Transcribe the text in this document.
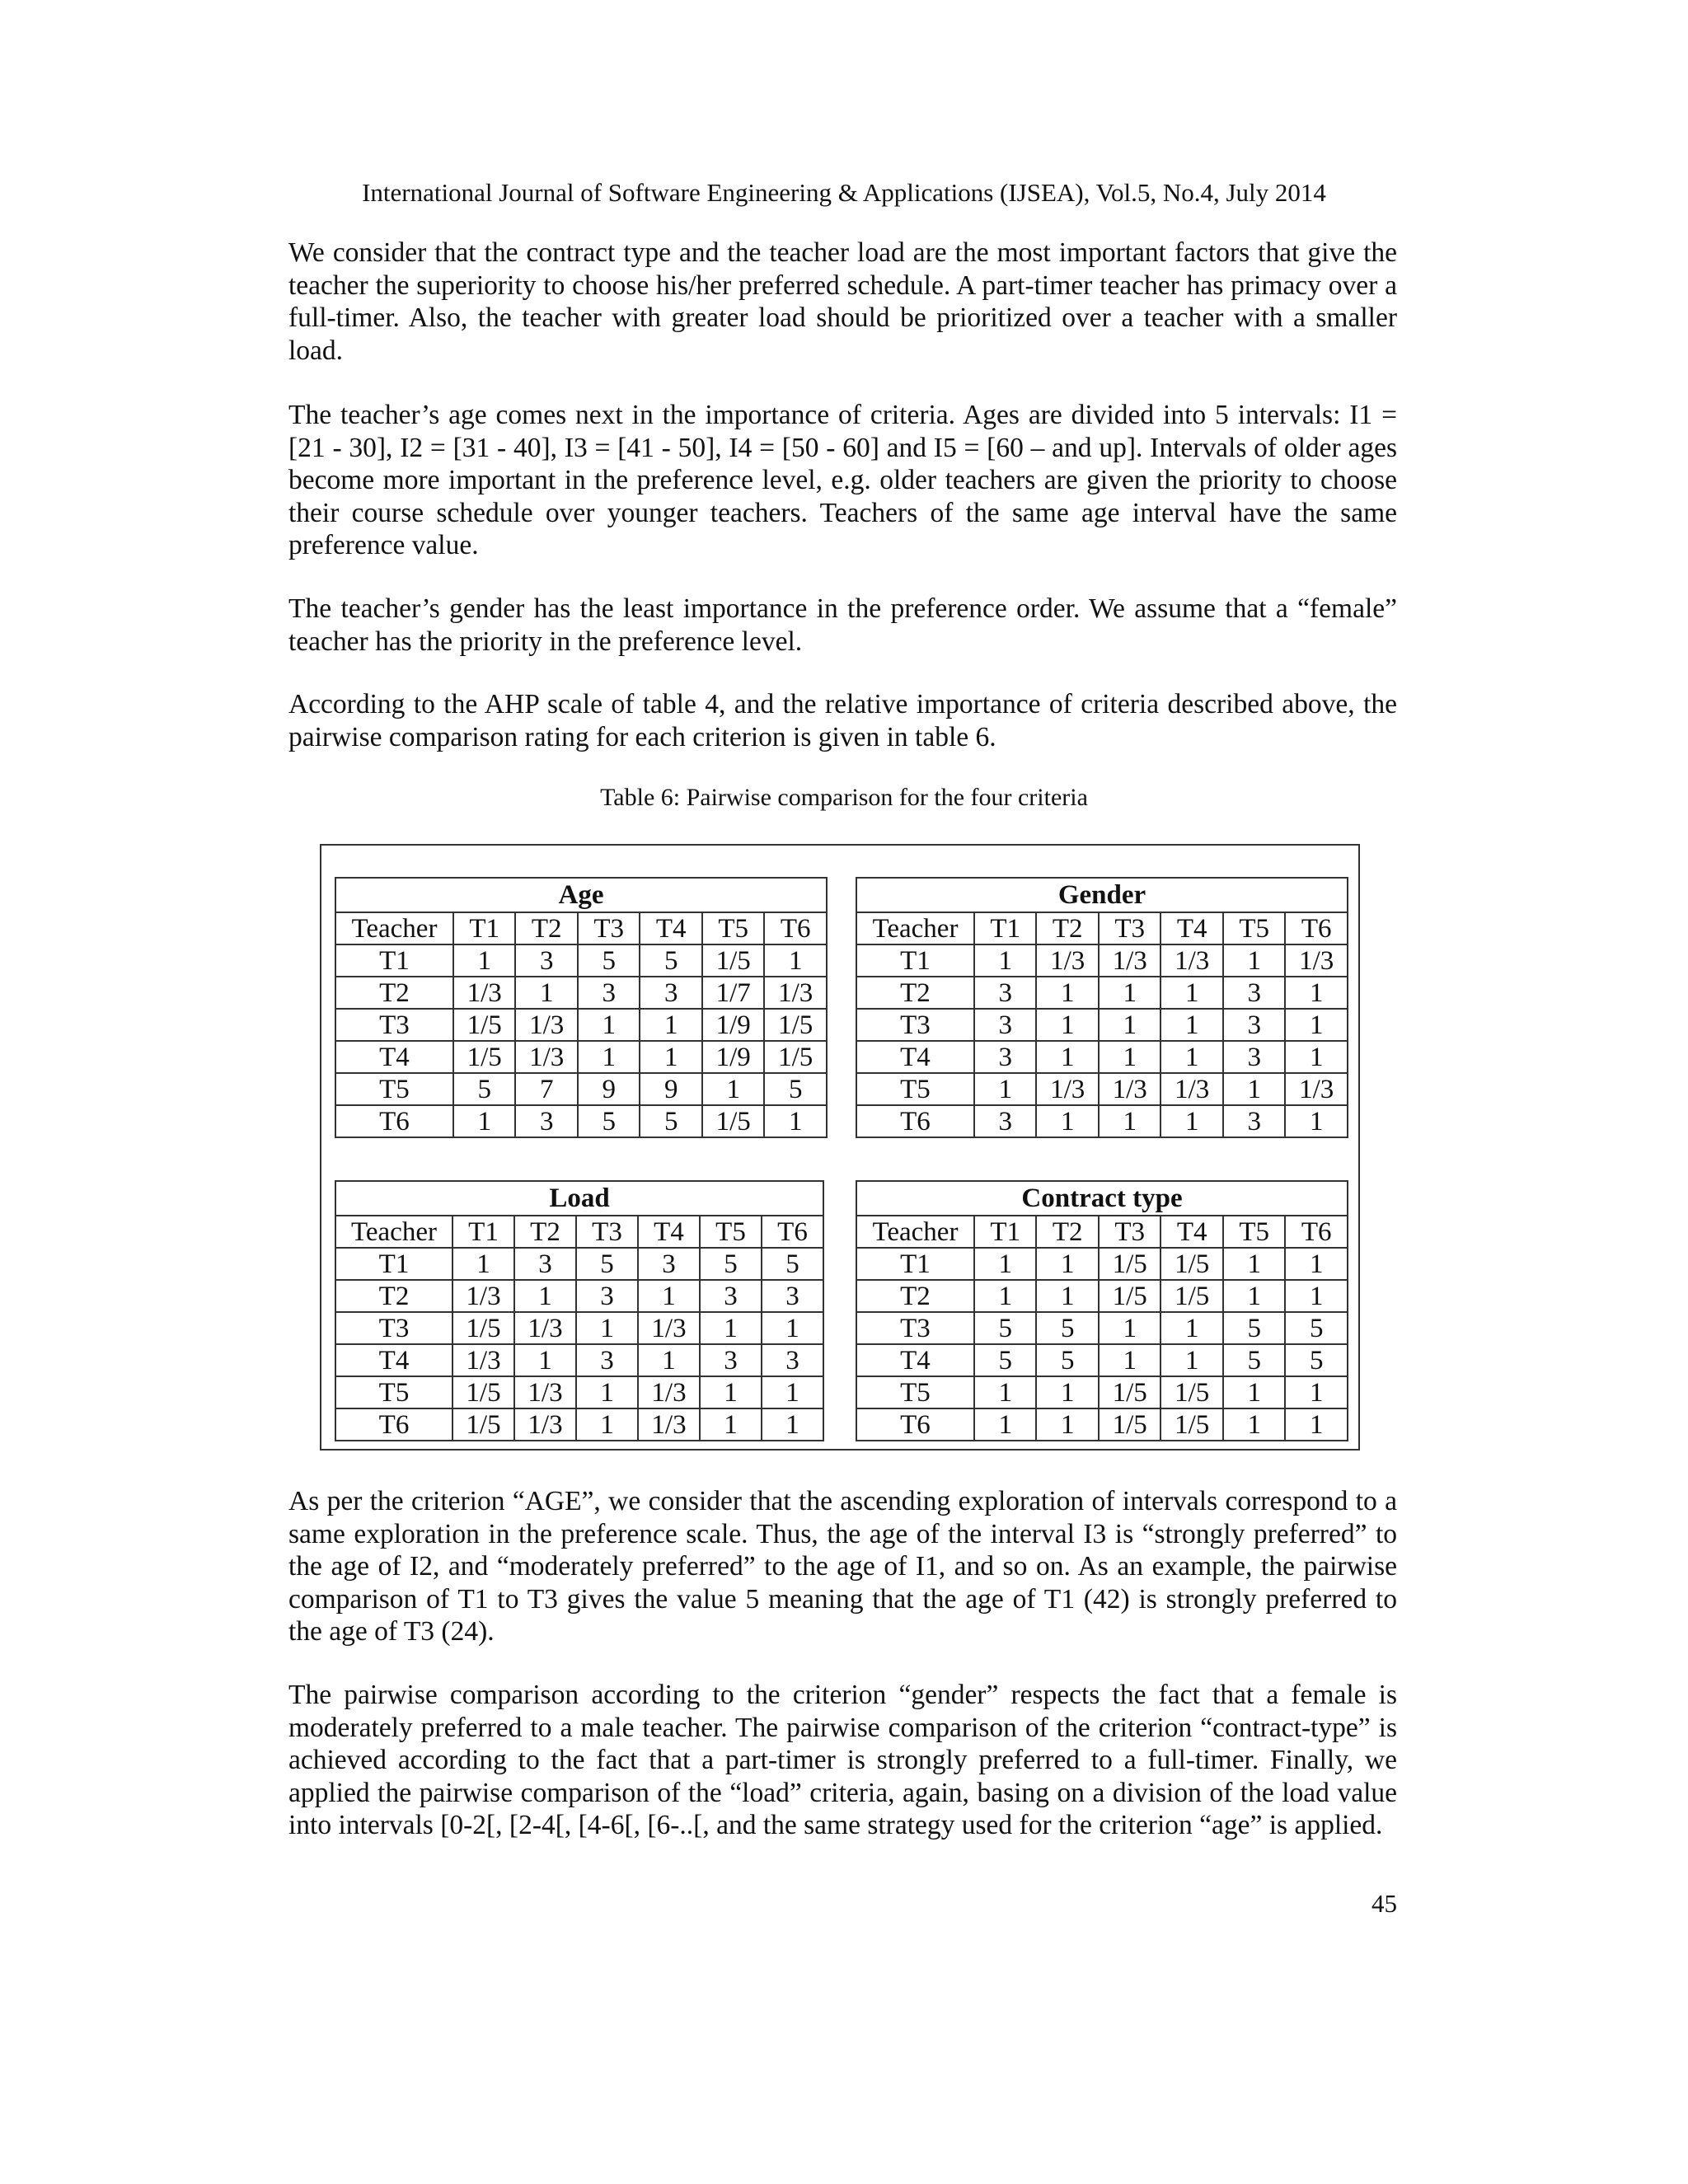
International Journal of Software Engineering & Applications (IJSEA), Vol.5, No.4, July 2014

We consider that the contract type and the teacher load are the most important factors that give the teacher the superiority to choose his/her preferred schedule. A part-timer teacher has primacy over a full-timer. Also, the teacher with greater load should be prioritized over a teacher with a smaller load.

The teacher’s age comes next in the importance of criteria. Ages are divided into 5 intervals: I1 = [21 - 30], I2 = [31 - 40], I3 = [41 - 50], I4 = [50 - 60] and I5 = [60 – and up]. Intervals of older ages become more important in the preference level, e.g. older teachers are given the priority to choose their course schedule over younger teachers. Teachers of the same age interval have the same preference value.

The teacher’s gender has the least importance in the preference order. We assume that a “female” teacher has the priority in the preference level.

According to the AHP scale of table 4, and the relative importance of criteria described above, the pairwise comparison rating for each criterion is given in table 6.

Table 6: Pairwise comparison for the four criteria
Age						
Teacher	T1	T2	T3	T4	T5	T6
T1	1	3	5	5	1/5	1
T2	1/3	1	3	3	1/7	1/3
T3	1/5	1/3	1	1	1/9	1/5
T4	1/5	1/3	1	1	1/9	1/5
T5	5	7	9	9	1	5
T6	1	3	5	5	1/5	1
Gender						
Teacher	T1	T2	T3	T4	T5	T6
T1	1	1/3	1/3	1/3	1	1/3
T2	3	1	1	1	3	1
T3	3	1	1	1	3	1
T4	3	1	1	1	3	1
T5	1	1/3	1/3	1/3	1	1/3
T6	3	1	1	1	3	1
Load						
Teacher	T1	T2	T3	T4	T5	T6
T1	1	3	5	3	5	5
T2	1/3	1	3	1	3	3
T3	1/5	1/3	1	1/3	1	1
T4	1/3	1	3	1	3	3
T5	1/5	1/3	1	1/3	1	1
T6	1/5	1/3	1	1/3	1	1
Contract type						
Teacher	T1	T2	T3	T4	T5	T6
T1	1	1	1/5	1/5	1	1
T2	1	1	1/5	1/5	1	1
T3	5	5	1	1	5	5
T4	5	5	1	1	5	5
T5	1	1	1/5	1/5	1	1
T6	1	1	1/5	1/5	1	1

As per the criterion “AGE”, we consider that the ascending exploration of intervals correspond to a same exploration in the preference scale. Thus, the age of the interval I3 is “strongly preferred” to the age of I2, and “moderately preferred” to the age of I1, and so on. As an example, the pairwise comparison of T1 to T3 gives the value 5 meaning that the age of T1 (42) is strongly preferred to the age of T3 (24).

The pairwise comparison according to the criterion “gender” respects the fact that a female is moderately preferred to a male teacher. The pairwise comparison of the criterion “contract-type” is achieved according to the fact that a part-timer is strongly preferred to a full-timer. Finally, we applied the pairwise comparison of the “load” criteria, again, basing on a division of the load value into intervals [0-2[, [2-4[, [4-6[, [6-..[, and the same strategy used for the criterion “age” is applied.

45
